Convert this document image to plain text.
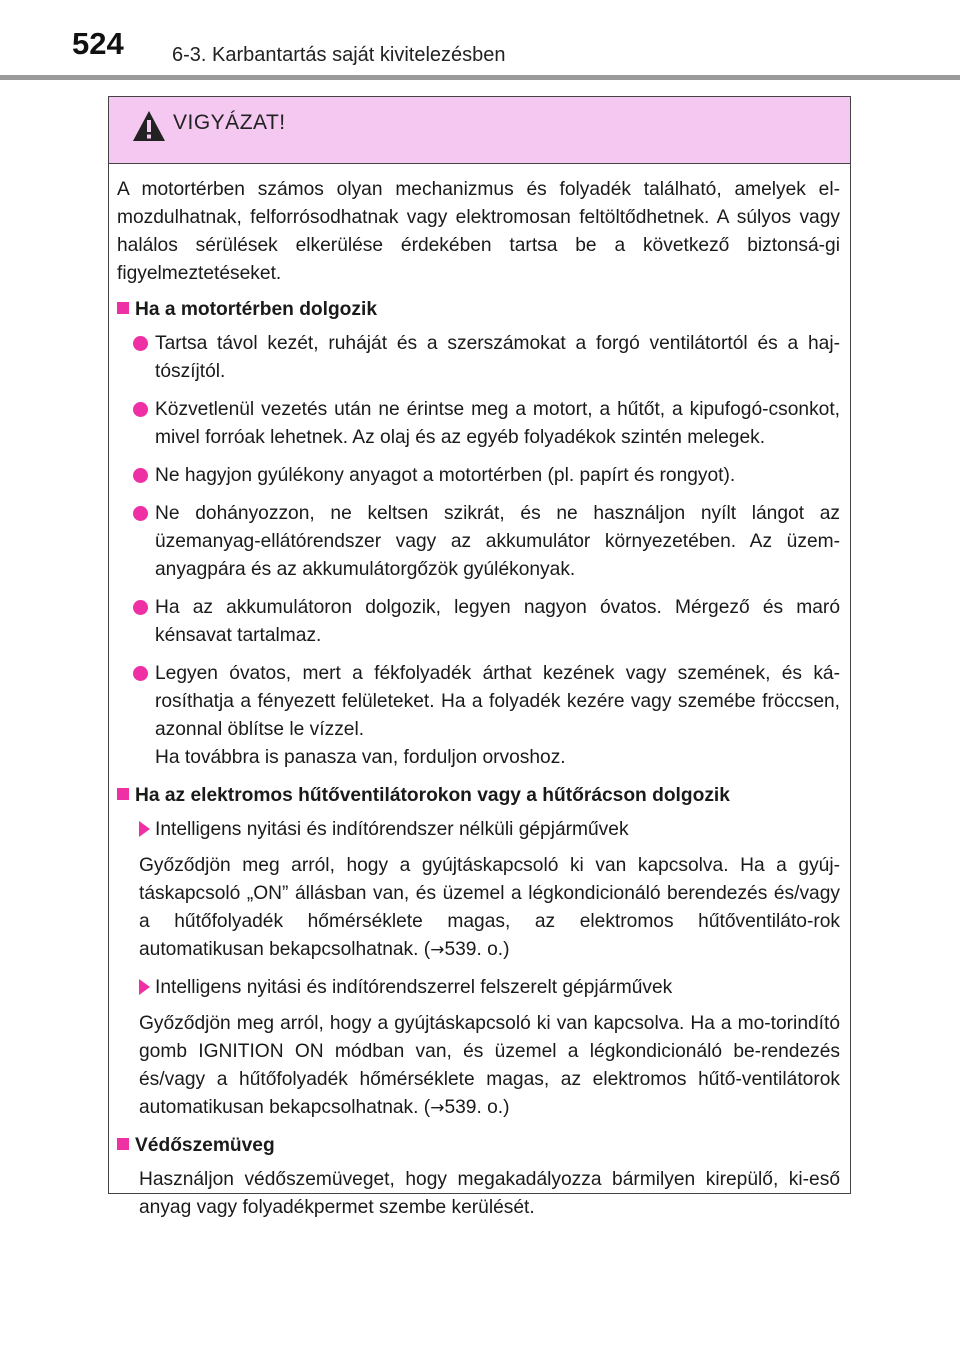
524 6-3. Karbantartás saját kivitelezésben
VIGYÁZAT!

A motortérben számos olyan mechanizmus és folyadék található, amelyek el-mozdulhatnak, felforrósodhatnak vagy elektromosan feltöltődhetnek. A súlyos vagy halálos sérülések elkerülése érdekében tartsa be a következő biztonsá-gi figyelmeztetéseket.

Ha a motortérben dolgozik
Tartsa távol kezét, ruháját és a szerszámokat a forgó ventilátortól és a haj-tószíjtól.
Közvetlenül vezetés után ne érintse meg a motort, a hűtőt, a kipufogó-csonkot, mivel forróak lehetnek. Az olaj és az egyéb folyadékok szintén melegek.
Ne hagyjon gyúlékony anyagot a motortérben (pl. papírt és rongyot).
Ne dohányozzon, ne keltsen szikrát, és ne használjon nyílt lángot az üzemanyag-ellátórendszer vagy az akkumulátor környezetében. Az üzem-anyagpára és az akkumulátorgőzök gyúlékonyak.
Ha az akkumulátoron dolgozik, legyen nagyon óvatos. Mérgező és maró kénsavat tartalmaz.
Legyen óvatos, mert a fékfolyadék árthat kezének vagy szemének, és ká-rosíthatja a fényezett felületeket. Ha a folyadék kezére vagy szemébe fröccsen, azonnal öblítse le vízzel.
Ha továbbra is panasza van, forduljon orvoshoz.
Ha az elektromos hűtőventilátorokon vagy a hűtőrácson dolgozik
Intelligens nyitási és indítórendszer nélküli gépjárművek

Győződjön meg arról, hogy a gyújtáskapcsoló ki van kapcsolva. Ha a gyúj-táskapcsoló „ON” állásban van, és üzemel a légkondicionáló berendezés és/vagy a hűtőfolyadék hőmérséklete magas, az elektromos hűtőventiláto-rok automatikusan bekapcsolhatnak. (→539. o.)

Intelligens nyitási és indítórendszerrel felszerelt gépjárművek

Győződjön meg arról, hogy a gyújtáskapcsoló ki van kapcsolva. Ha a mo-torindító gomb IGNITION ON módban van, és üzemel a légkondicionáló be-rendezés és/vagy a hűtőfolyadék hőmérséklete magas, az elektromos hűtő-ventilátorok automatikusan bekapcsolhatnak. (→539. o.)

Védőszemüveg

Használjon védőszemüveget, hogy megakadályozza bármilyen kirepülő, ki-eső anyag vagy folyadékpermet szembe kerülését.
